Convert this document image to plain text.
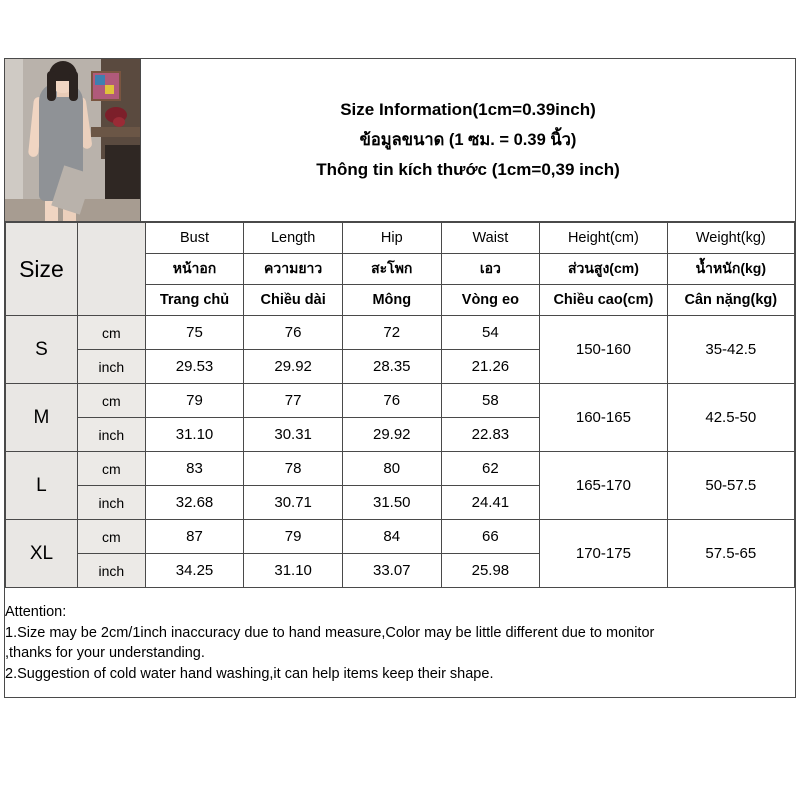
Size Information(1cm=0.39inch)
ข้อมูลขนาด (1 ซม. = 0.39 นิ้ว)
Thông tin kích thước (1cm=0,39 inch)
Size		Bust	Length	Hip	Waist	Height(cm)	Weight(kg)
		หน้าอก	ความยาว	สะโพก	เอว	ส่วนสูง(cm)	น้ำหนัก(kg)
		Trang chủ	Chiều dài	Mông	Vòng eo	Chiều cao(cm)	Cân nặng(kg)
S	cm	75	76	72	54	150-160	35-42.5
	inch	29.53	29.92	28.35	21.26		
M	cm	79	77	76	58	160-165	42.5-50
	inch	31.10	30.31	29.92	22.83		
L	cm	83	78	80	62	165-170	50-57.5
	inch	32.68	30.71	31.50	24.41		
XL	cm	87	79	84	66	170-175	57.5-65
	inch	34.25	31.10	33.07	25.98		
Attention:
1.Size may be 2cm/1inch inaccuracy due to hand measure,Color may be little different due to monitor
,thanks for your understanding.
2.Suggestion of cold water hand washing,it can help items keep their shape.
